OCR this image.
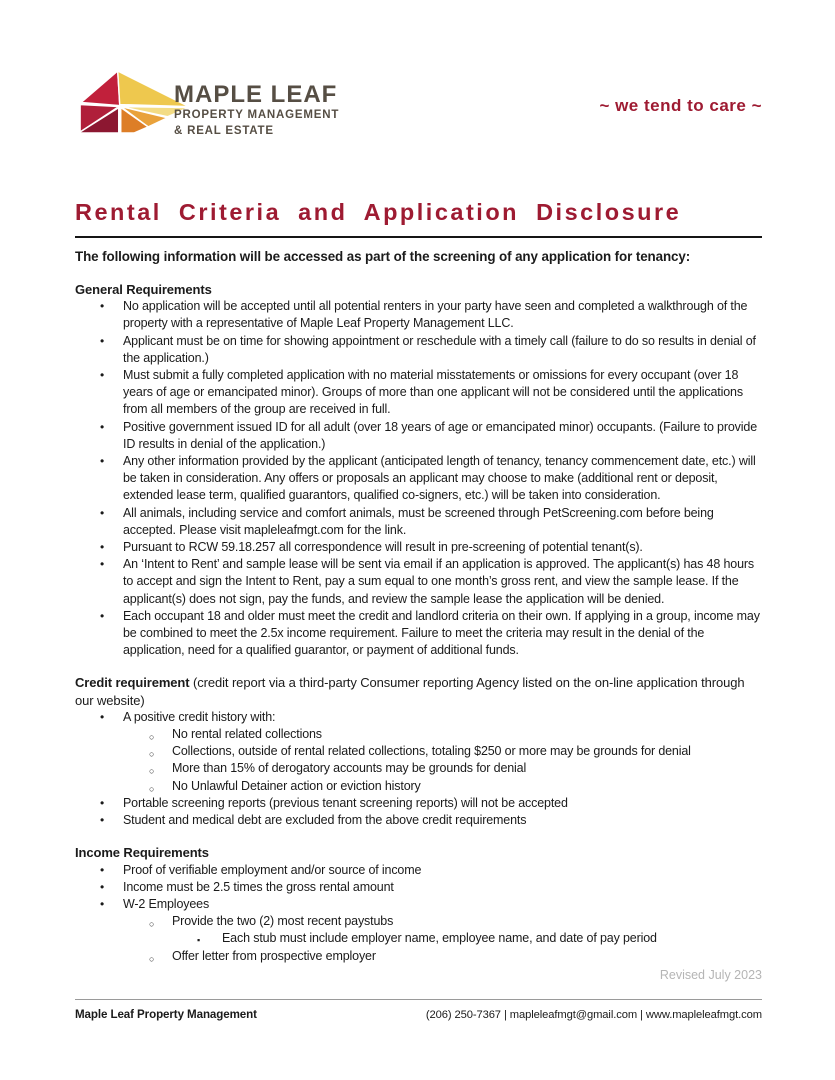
MAPLE LEAF
PROPERTY MANAGEMENT
& REAL ESTATE
~ we tend to care ~
Rental Criteria and Application Disclosure
The following information will be accessed as part of the screening of any application for tenancy:
General Requirements
• No application will be accepted until all potential renters in your party have seen and completed a walkthrough of the property with a representative of Maple Leaf Property Management LLC.
• Applicant must be on time for showing appointment or reschedule with a timely call (failure to do so results in denial of the application.)
• Must submit a fully completed application with no material misstatements or omissions for every occupant (over 18 years of age or emancipated minor). Groups of more than one applicant will not be considered until the applications from all members of the group are received in full.
• Positive government issued ID for all adult (over 18 years of age or emancipated minor) occupants. (Failure to provide ID results in denial of the application.)
• Any other information provided by the applicant (anticipated length of tenancy, tenancy commencement date, etc.) will be taken in consideration. Any offers or proposals an applicant may choose to make (additional rent or deposit, extended lease term, qualified guarantors, qualified co-signers, etc.) will be taken into consideration.
• All animals, including service and comfort animals, must be screened through PetScreening.com before being accepted. Please visit mapleleafmgt.com for the link.
• Pursuant to RCW 59.18.257 all correspondence will result in pre-screening of potential tenant(s).
• An ‘Intent to Rent’ and sample lease will be sent via email if an application is approved. The applicant(s) has 48 hours to accept and sign the Intent to Rent, pay a sum equal to one month’s gross rent, and view the sample lease. If the applicant(s) does not sign, pay the funds, and review the sample lease the application will be denied.
• Each occupant 18 and older must meet the credit and landlord criteria on their own. If applying in a group, income may be combined to meet the 2.5x income requirement. Failure to meet the criteria may result in the denial of the application, need for a qualified guarantor, or payment of additional funds.
Credit requirement (credit report via a third-party Consumer reporting Agency listed on the on-line application through our website)
• A positive credit history with:
○ No rental related collections
○ Collections, outside of rental related collections, totaling $250 or more may be grounds for denial
○ More than 15% of derogatory accounts may be grounds for denial
○ No Unlawful Detainer action or eviction history
• Portable screening reports (previous tenant screening reports) will not be accepted
• Student and medical debt are excluded from the above credit requirements
Income Requirements
• Proof of verifiable employment and/or source of income
• Income must be 2.5 times the gross rental amount
• W-2 Employees
○ Provide the two (2) most recent paystubs
▪ Each stub must include employer name, employee name, and date of pay period
○ Offer letter from prospective employer
Revised July 2023
Maple Leaf Property Management	(206) 250-7367 | mapleleafmgt@gmail.com | www.mapleleafmgt.com
